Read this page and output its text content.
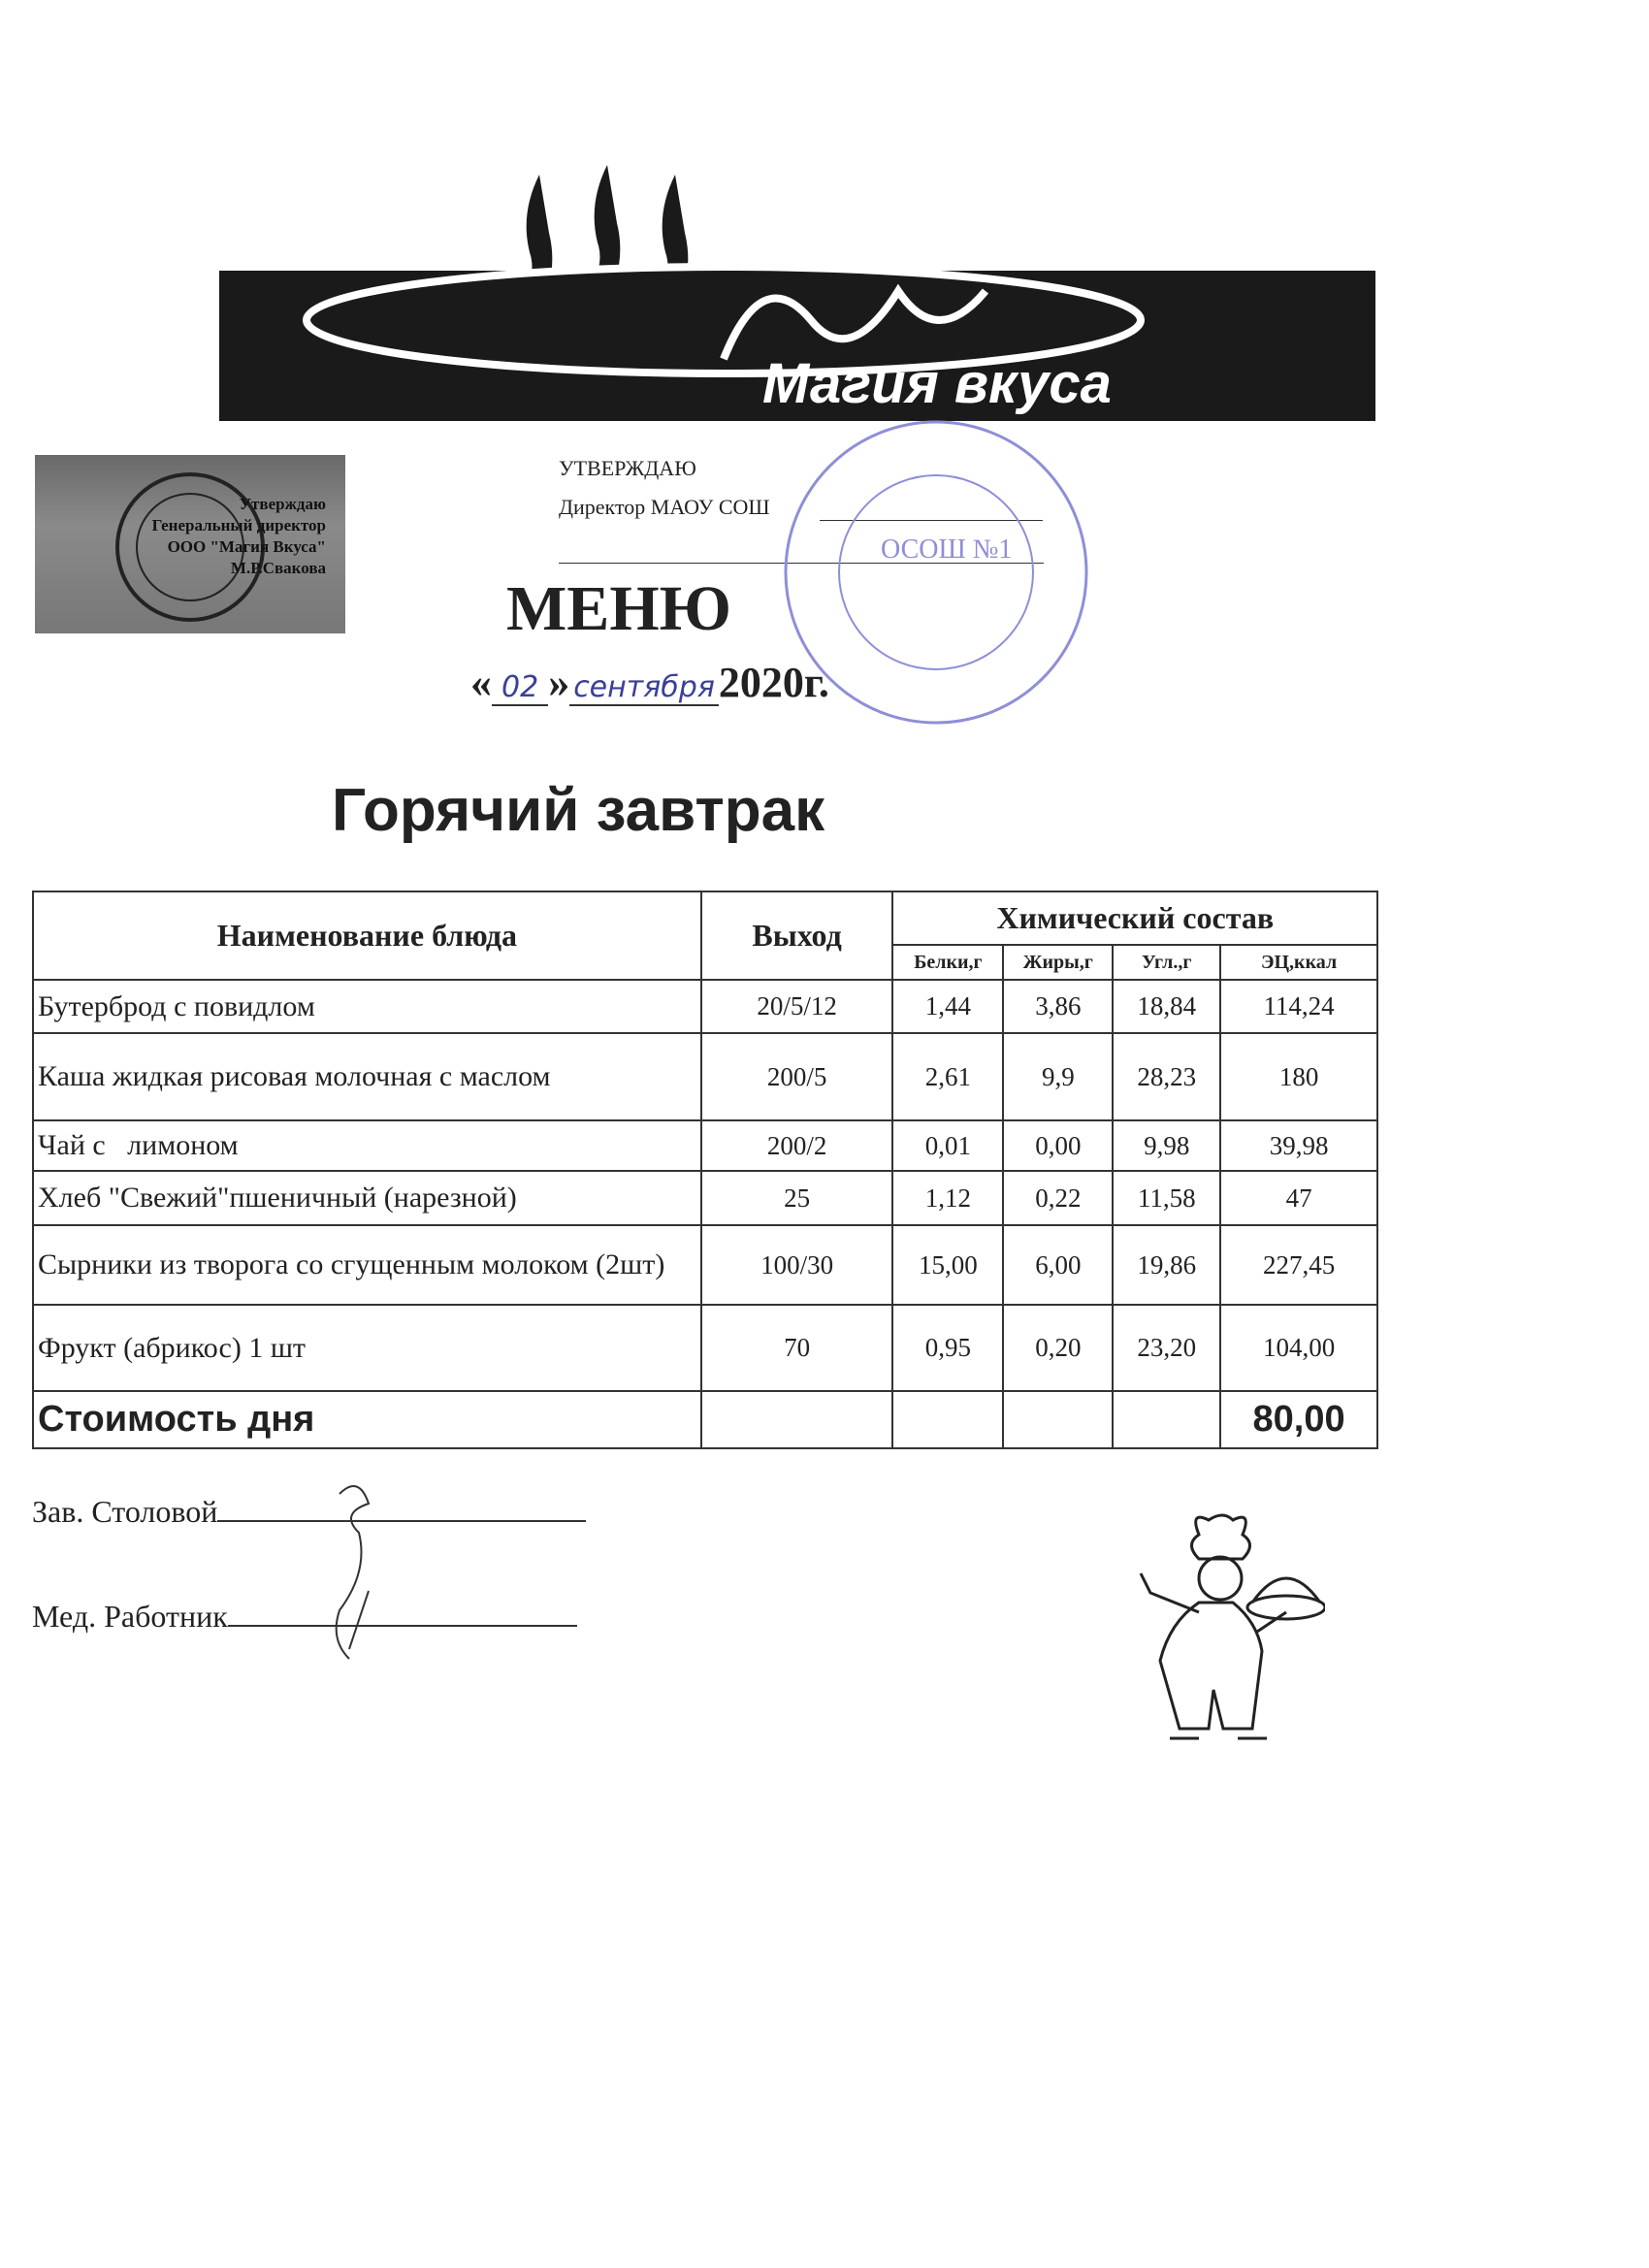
Магия вкуса
Утверждаю
Генеральный директор
ООО "Магия Вкуса"
М.Р.Свакова
УТВЕРЖДАЮ
Директор МАОУ СОШ
ОСОШ №1
МЕНЮ
« 02 » сентября2020г.
Горячий завтрак
Наименование блюда	Выход	Химический состав			
		Белки,г	Жиры,г	Угл.,г	ЭЦ,ккал
Бутерброд с повидлом	20/5/12	1,44	3,86	18,84	114,24
Каша жидкая рисовая молочная с маслом	200/5	2,61	9,9	28,23	180
Чай с   лимоном	200/2	0,01	0,00	9,98	39,98
Хлеб "Свежий"пшеничный (нарезной)	25	1,12	0,22	11,58	47
Сырники из творога со сгущенным молоком (2шт)	100/30	15,00	6,00	19,86	227,45
Фрукт (абрикос) 1 шт	70	0,95	0,20	23,20	104,00
Стоимость дня					80,00
Зав. Столовой
Мед. Работник
